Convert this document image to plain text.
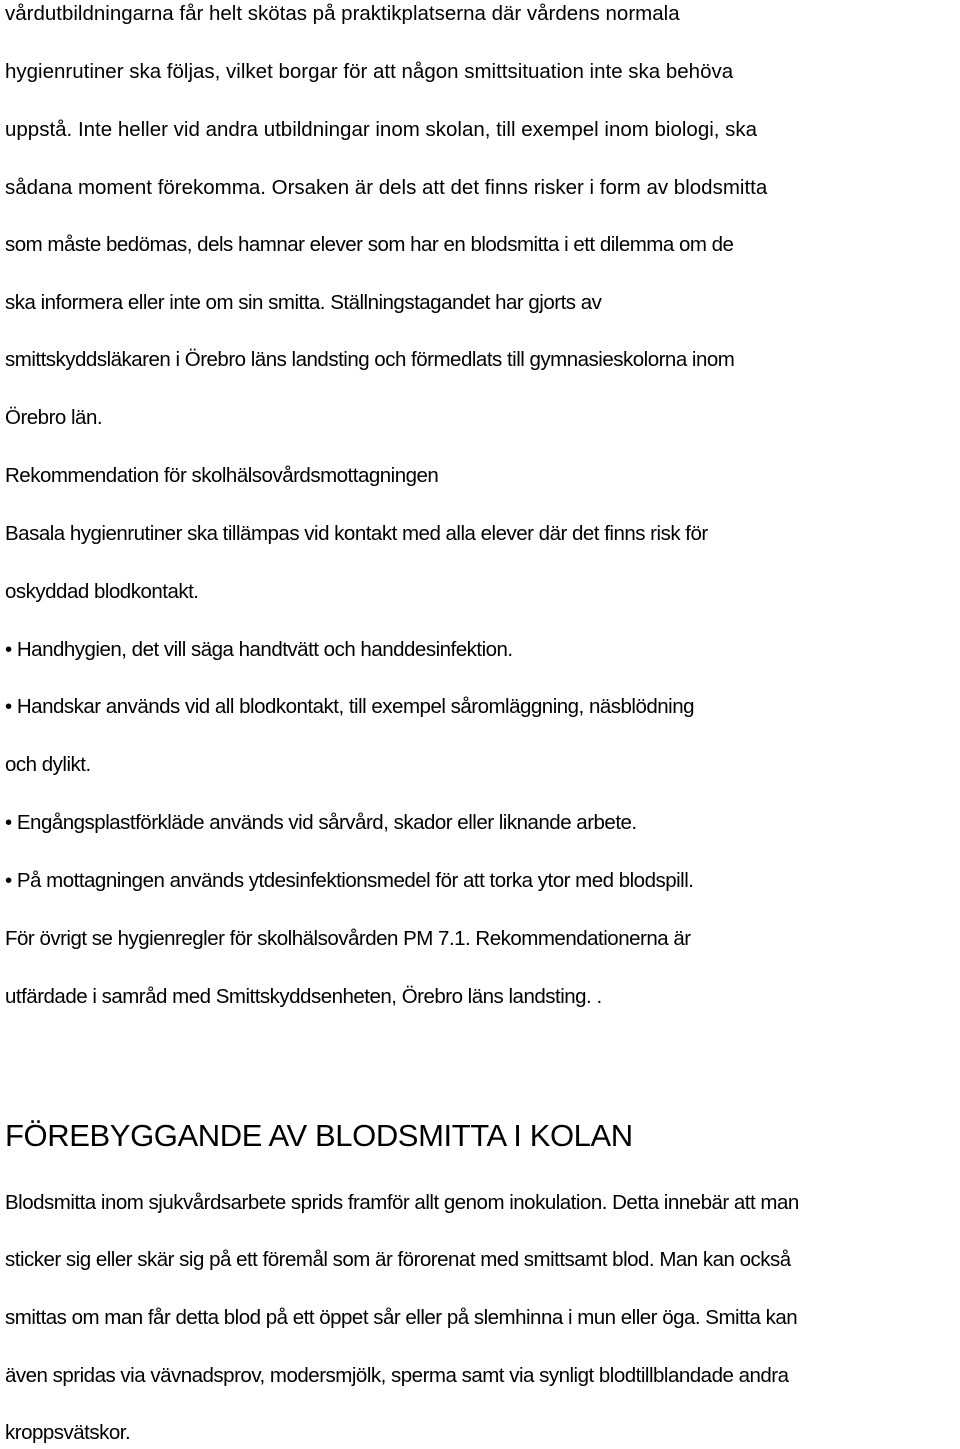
vårdutbildningarna får helt skötas på praktikplatserna där vårdens normala
hygienrutiner ska följas, vilket borgar för att någon smittsituation inte ska behöva
uppstå. Inte heller vid andra utbildningar inom skolan, till exempel inom biologi, ska
sådana moment förekomma. Orsaken är dels att det finns risker i form av blodsmitta
som måste bedömas, dels hamnar elever som har en blodsmitta i ett dilemma om de
ska informera eller inte om sin smitta. Ställningstagandet har gjorts av
smittskyddsläkaren i Örebro läns landsting och förmedlats till gymnasieskolorna inom
Örebro län.
Rekommendation för skolhälsovårdsmottagningen
Basala hygienrutiner ska tillämpas vid kontakt med alla elever där det finns risk för
oskyddad blodkontakt.
• Handhygien, det vill säga handtvätt och handdesinfektion.
• Handskar används vid all blodkontakt, till exempel såromläggning, näsblödning
och dylikt.
• Engångsplastförkläde används vid sårvård, skador eller liknande arbete.
• På mottagningen används ytdesinfektionsmedel för att torka ytor med blodspill.
För övrigt se hygienregler för skolhälsovården PM 7.1. Rekommendationerna är
utfärdade i samråd med Smittskyddsenheten, Örebro läns landsting. .
FÖREBYGGANDE AV BLODSMITTA I KOLAN
Blodsmitta inom sjukvårdsarbete sprids framför allt genom inokulation. Detta innebär att man
sticker sig eller skär sig på ett föremål som är förorenat med smittsamt blod. Man kan också
smittas om man får detta blod på ett öppet sår eller på slemhinna i mun eller öga. Smitta kan
även spridas via vävnadsprov, modersmjölk, sperma samt via synligt blodtillblandade andra
kroppsvätskor.
